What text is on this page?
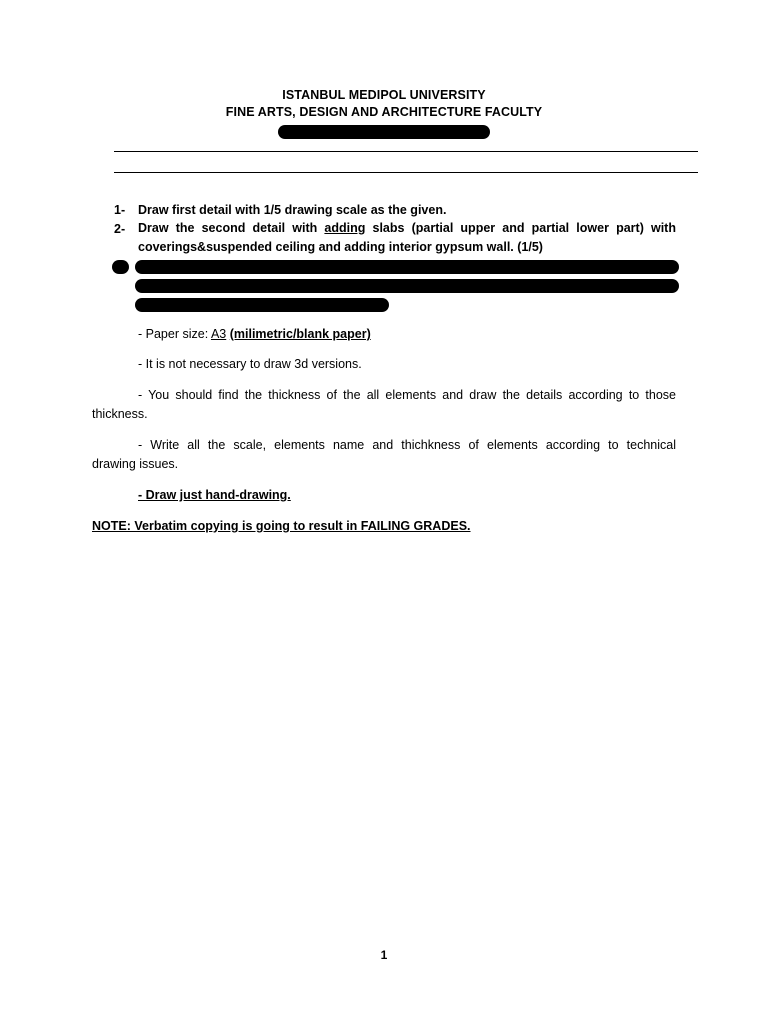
ISTANBUL MEDIPOL UNIVERSITY
FINE ARTS, DESIGN AND ARCHITECTURE FACULTY
1- Draw first detail with 1/5 drawing scale as the given.
2- Draw the second detail with adding slabs (partial upper and partial lower part) with
coverings&suspended ceiling and adding interior gypsum wall. (1/5)
- Paper size: A3 (milimetric/blank paper)
- It is not necessary to draw 3d versions.
- You should find the thickness of the all elements and draw the details according to those
thickness.
- Write all the scale, elements name and thichkness of elements according to technical
drawing issues.
- Draw just hand-drawing.
NOTE: Verbatim copying is going to result in FAILING GRADES.
1
